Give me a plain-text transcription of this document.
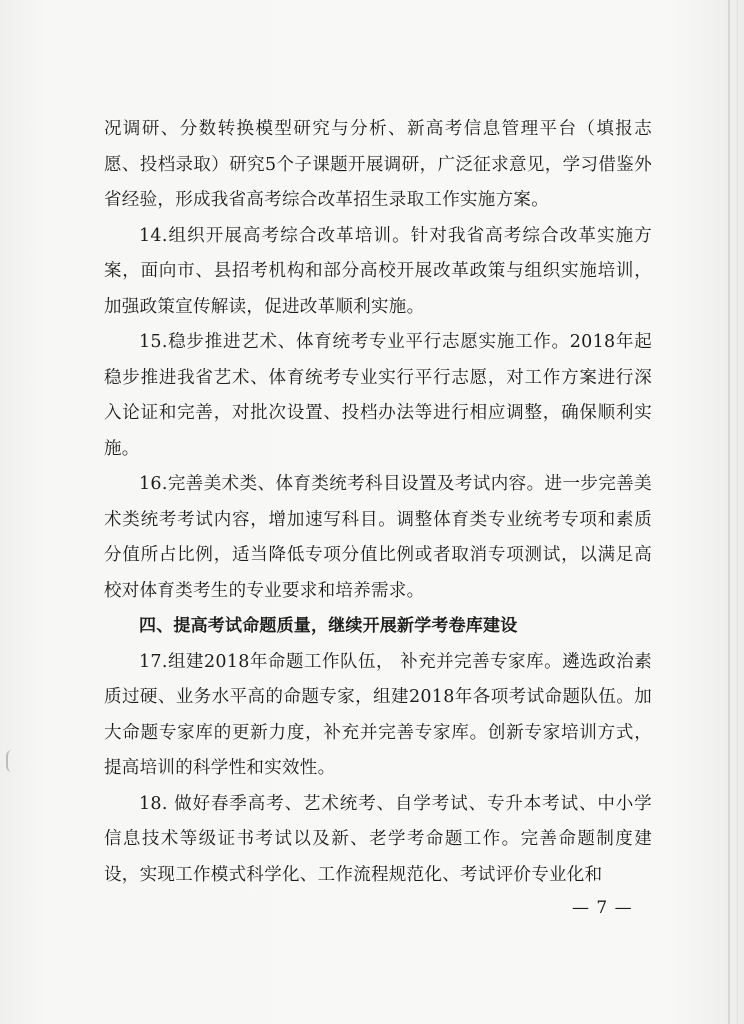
况调研、分数转换模型研究与分析、新高考信息管理平台（填报志愿、投档录取）研究5个子课题开展调研，广泛征求意见，学习借鉴外省经验，形成我省高考综合改革招生录取工作实施方案。

14.组织开展高考综合改革培训。针对我省高考综合改革实施方案，面向市、县招考机构和部分高校开展改革政策与组织实施培训，加强政策宣传解读，促进改革顺利实施。

15.稳步推进艺术、体育统考专业平行志愿实施工作。2018年起稳步推进我省艺术、体育统考专业实行平行志愿，对工作方案进行深入论证和完善，对批次设置、投档办法等进行相应调整，确保顺利实施。

16.完善美术类、体育类统考科目设置及考试内容。进一步完善美术类统考考试内容，增加速写科目。调整体育类专业统考专项和素质分值所占比例，适当降低专项分值比例或者取消专项测试，以满足高校对体育类考生的专业要求和培养需求。

四、提高考试命题质量，继续开展新学考卷库建设

17.组建2018年命题工作队伍， 补充并完善专家库。遴选政治素质过硬、业务水平高的命题专家，组建2018年各项考试命题队伍。加大命题专家库的更新力度，补充并完善专家库。创新专家培训方式，提高培训的科学性和实效性。

18. 做好春季高考、艺术统考、自学考试、专升本考试、中小学信息技术等级证书考试以及新、老学考命题工作。完善命题制度建设，实现工作模式科学化、工作流程规范化、考试评价专业化和

— 7 —
